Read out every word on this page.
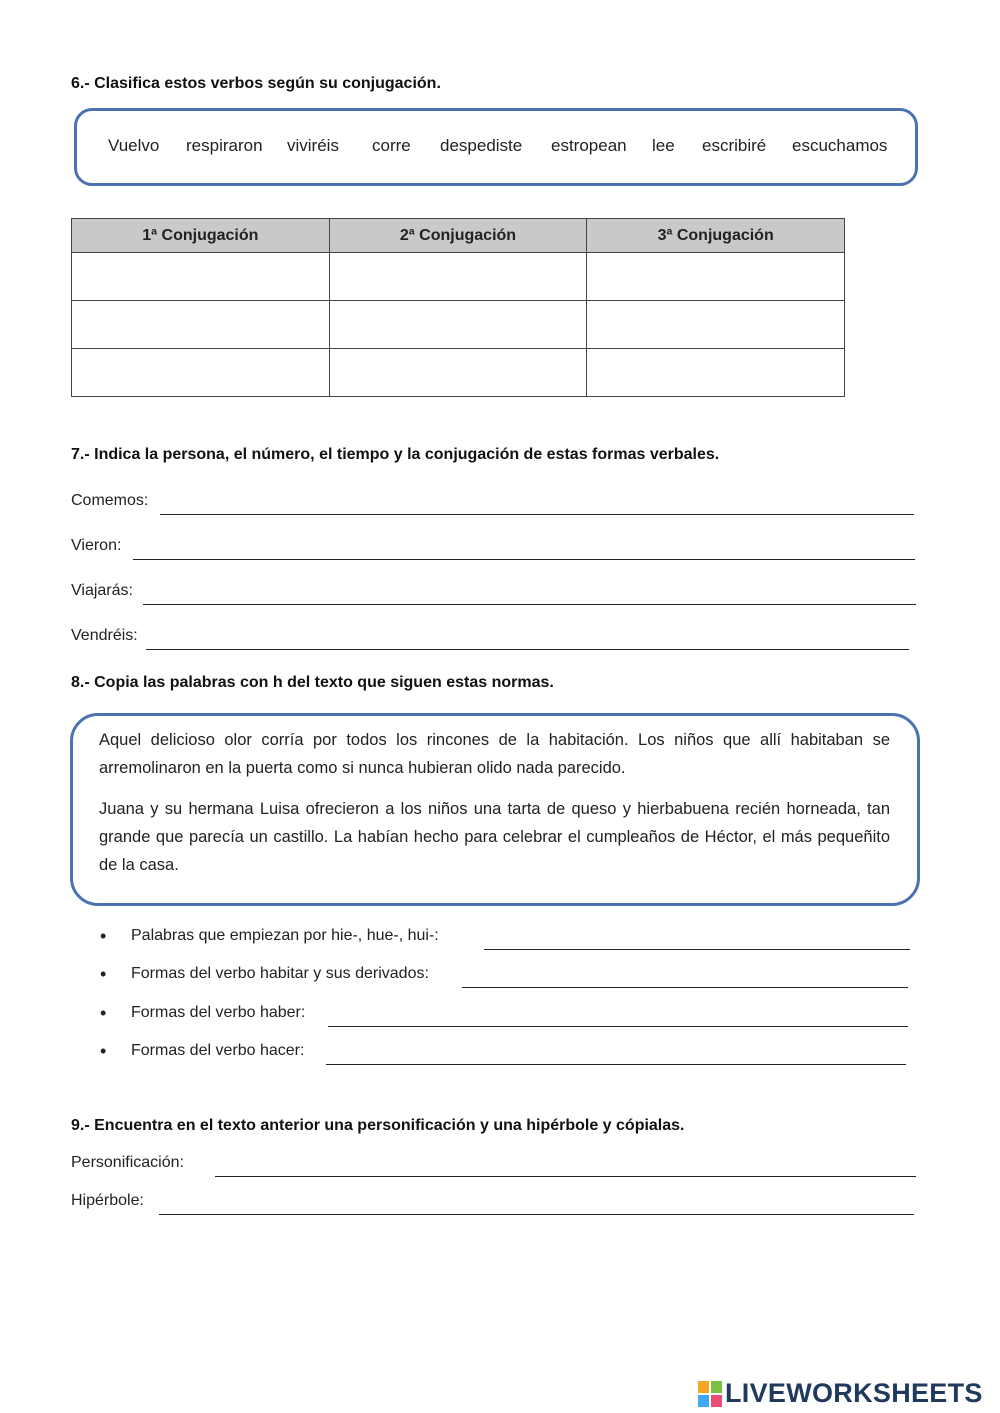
6.- Clasifica estos verbos según su conjugación.
Vuelvo respiraron viviréis corre despediste estropean lee escribiré escuchamos
1ª Conjugación	2ª Conjugación	3ª Conjugación

7.- Indica la persona, el número, el tiempo y la conjugación de estas formas verbales.
Comemos:
Vieron:
Viajarás:
Vendréis:
8.- Copia las palabras con h del texto que siguen estas normas.

Aquel delicioso olor corría por todos los rincones de la habitación. Los niños que allí habitaban se arremolinaron en la puerta como si nunca hubieran olido nada parecido.

Juana y su hermana Luisa ofrecieron a los niños una tarta de queso y hierbabuena recién horneada, tan grande que parecía un castillo. La habían hecho para celebrar el cumpleaños de Héctor, el más pequeñito de la casa.

• Palabras que empiezan por hie-, hue-, hui-:
• Formas del verbo habitar y sus derivados:
• Formas del verbo haber:
• Formas del verbo hacer:
9.- Encuentra en el texto anterior una personificación y una hipérbole y cópialas.
Personificación:
Hipérbole:
LIVEWORKSHEETS
